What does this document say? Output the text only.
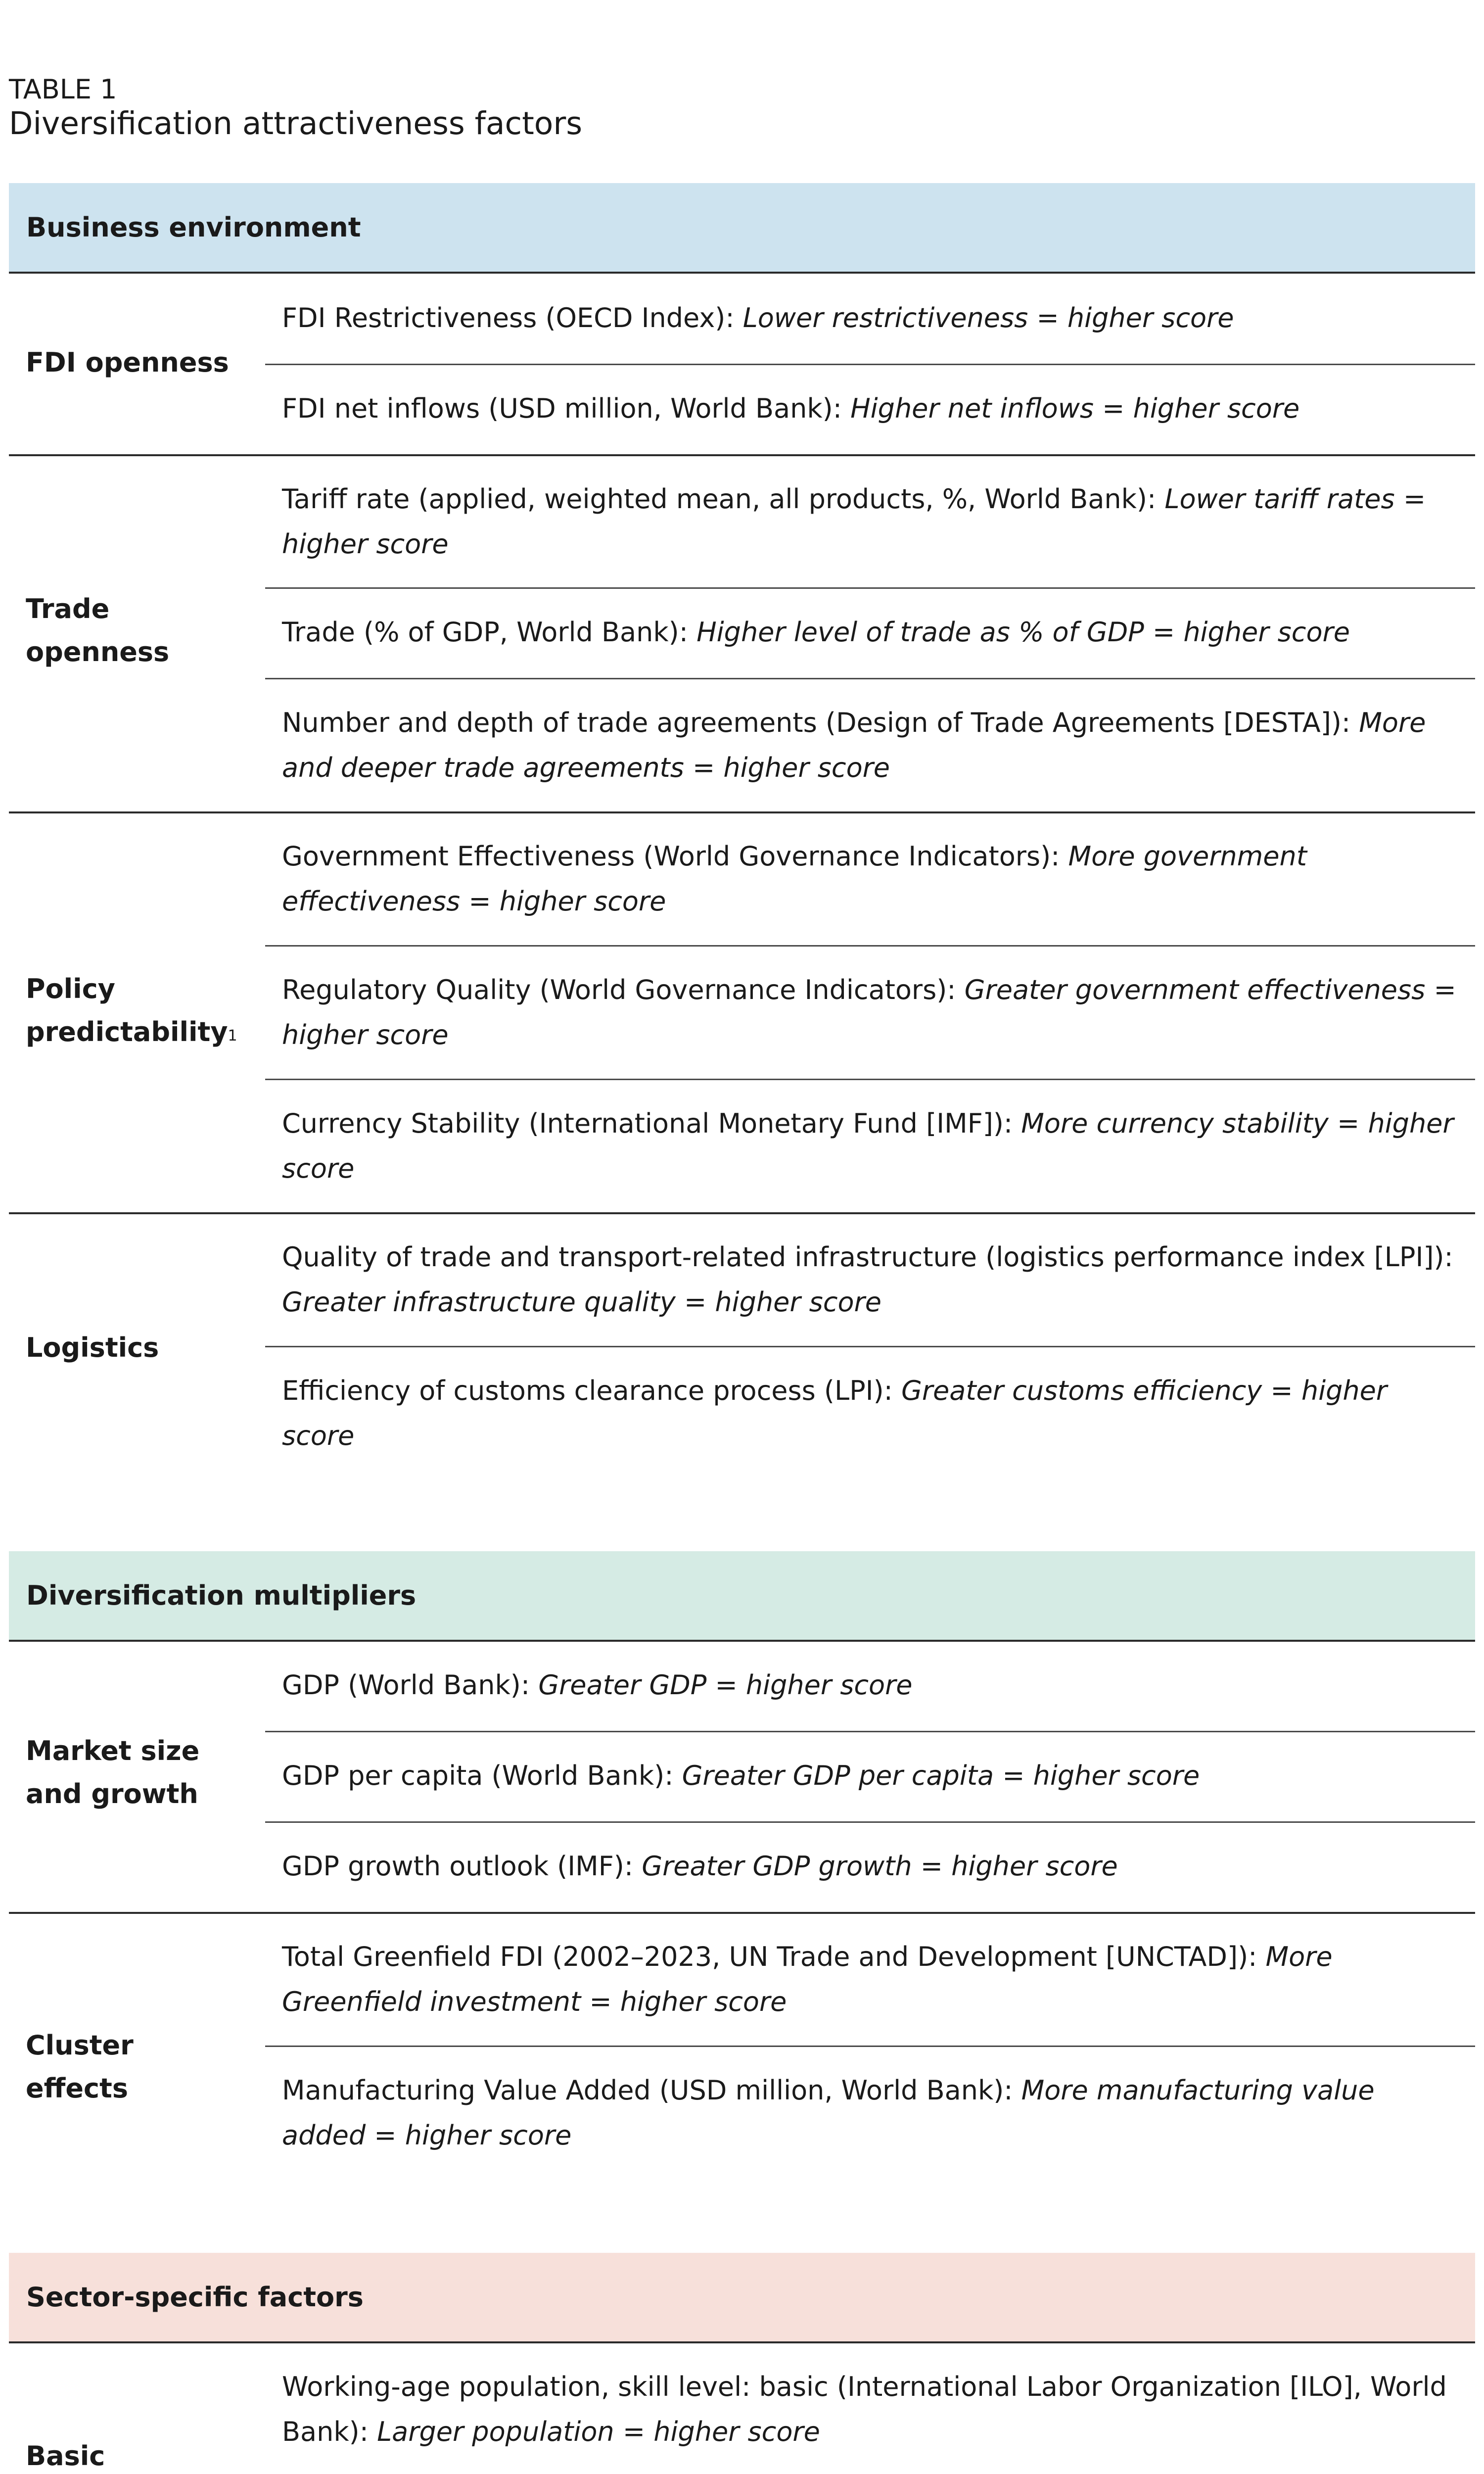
TABLE 1
Diversification attractiveness factors
Business environment
FDI openness
FDI Restrictiveness (OECD Index): Lower restrictiveness = higher score
FDI net inflows (USD million, World Bank): Higher net inflows = higher score
Trade openness
Tariff rate (applied, weighted mean, all products, %, World Bank): Lower tariff rates = higher score
Trade (% of GDP, World Bank): Higher level of trade as % of GDP = higher score
Number and depth of trade agreements (Design of Trade Agreements [DESTA]): More and deeper trade agreements = higher score
Policy predictability$^1$
Government Effectiveness (World Governance Indicators): More government effectiveness = higher score
Regulatory Quality (World Governance Indicators): Greater government effectiveness = higher score
Currency Stability (International Monetary Fund [IMF]): More currency stability = higher score
Logistics
Quality of trade and transport-related infrastructure (logistics performance index [LPI]): Greater infrastructure quality = higher score
Efficiency of customs clearance process (LPI): Greater customs efficiency = higher score
Diversification multipliers
Market size and growth
GDP (World Bank): Greater GDP = higher score
GDP per capita (World Bank): Greater GDP per capita = higher score
GDP growth outlook (IMF): Greater GDP growth = higher score
Cluster effects
Total Greenfield FDI (2002–2023, UN Trade and Development [UNCTAD]): More Greenfield investment = higher score
Manufacturing Value Added (USD million, World Bank): More manufacturing value added = higher score
Sector-specific factors
Basic
Working-age population, skill level: basic (International Labor Organization [ILO], World Bank): Larger population = higher score
